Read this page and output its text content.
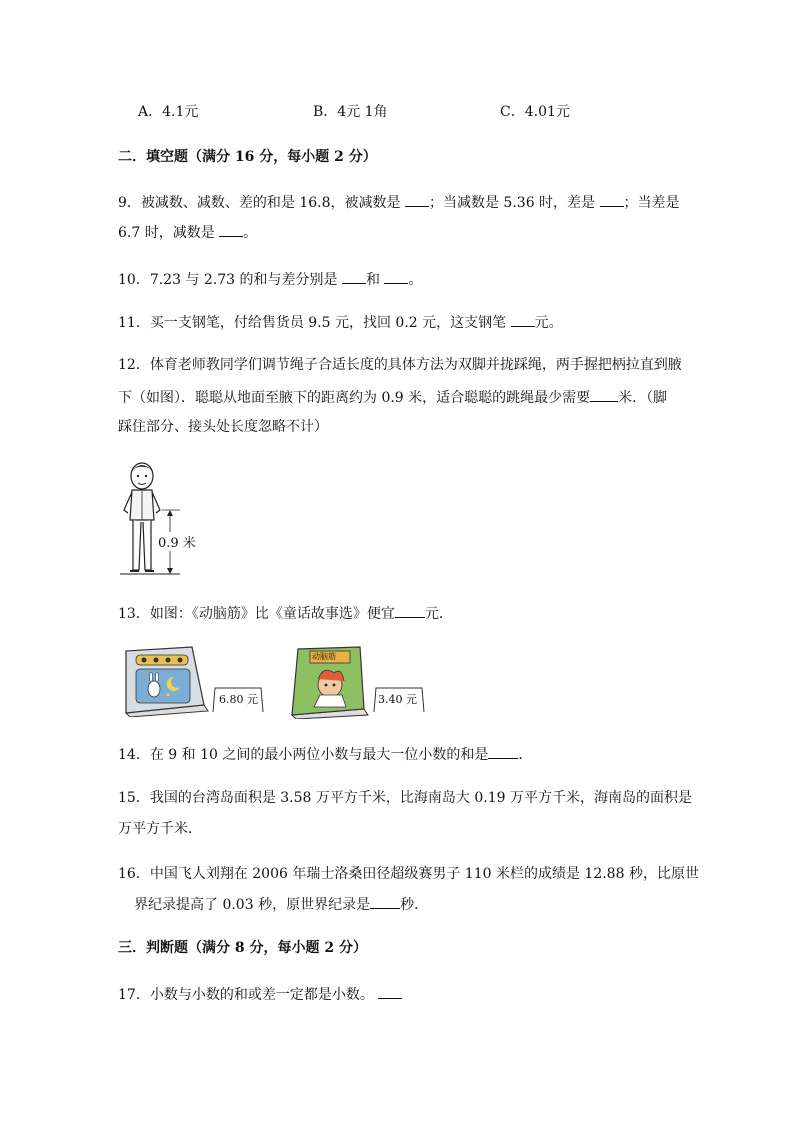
A．4.1元	B．4元 1角	C．4.01元
二．填空题（满分 16 分，每小题 2 分）
9．被减数、减数、差的和是 16.8，被减数是 ；当减数是 5.36 时，差是 ；当差是
6.7 时，减数是 。
10．7.23 与 2.73 的和与差分别是 和 。
11．买一支钢笔，付给售货员 9.5 元，找回 0.2 元，这支钢笔 元。
12．体育老师教同学们调节绳子合适长度的具体方法为双脚并拢踩绳，两手握把柄拉直到腋
下（如图）．聪聪从地面至腋下的距离约为 0.9 米，适合聪聪的跳绳最少需要 米．（脚
踩住部分、接头处长度忽略不计）
0.9 米
13．如图：《动脑筋》比《童话故事选》便宜 元．
6.80 元
动脑筋
3.40 元
14．在 9 和 10 之间的最小两位小数与最大一位小数的和是 ．
15．我国的台湾岛面积是 3.58 万平方千米，比海南岛大 0.19 万平方千米，海南岛的面积是
万平方千米．
16．中国飞人刘翔在 2006 年瑞士洛桑田径超级赛男子 110 米栏的成绩是 12.88 秒，比原世
界纪录提高了 0.03 秒，原世界纪录是 秒．
三．判断题（满分 8 分，每小题 2 分）
17．小数与小数的和或差一定都是小数。
